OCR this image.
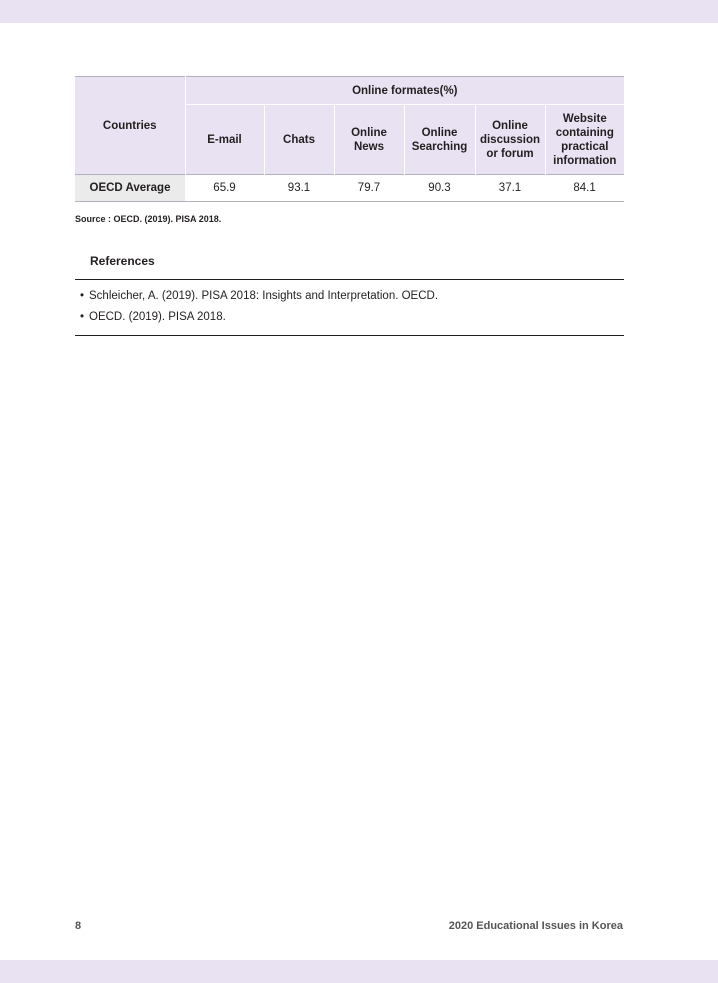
Countries	Online formates(%)					
	E-mail	Chats	Online News	Online Searching	Online discussion or forum	Website containing practical information
OECD Average	65.9	93.1	79.7	90.3	37.1	84.1
Source : OECD. (2019). PISA 2018.
References
• Schleicher, A. (2019). PISA 2018: Insights and Interpretation. OECD.
• OECD. (2019). PISA 2018.
8	2020 Educational Issues in Korea
